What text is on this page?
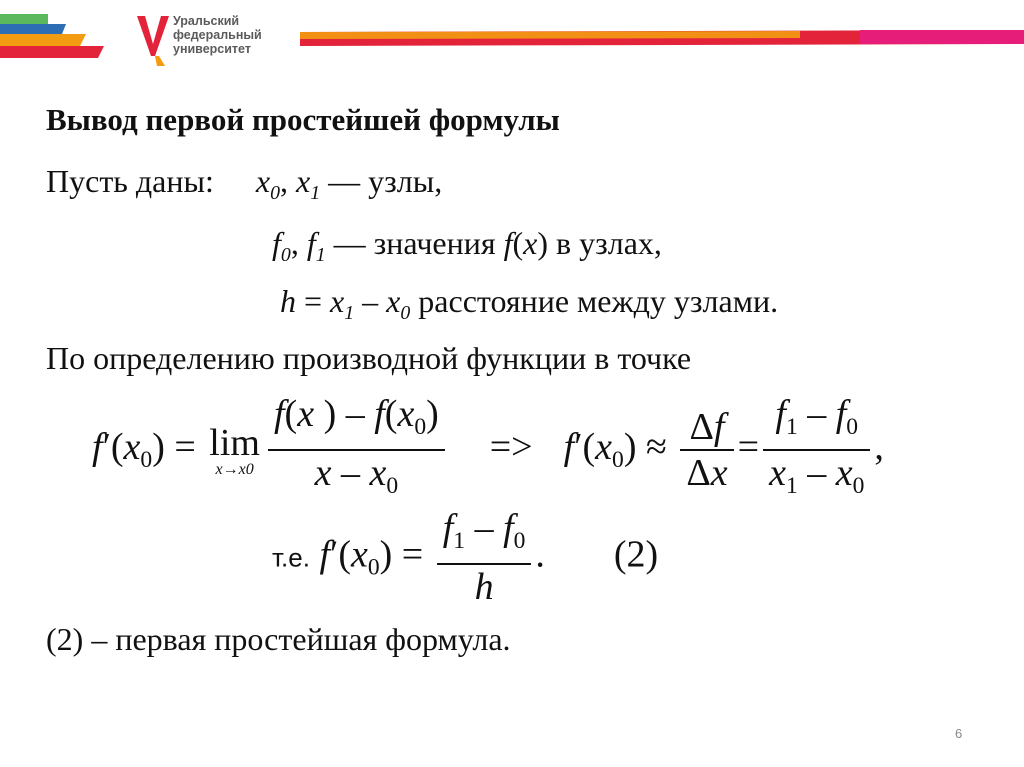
Уральский
федеральный
университет
Вывод первой простейшей формулы
Пусть даны: $x_0$, $x_1$ — узлы,
$f_0$, $f_1$ — значения f(x) в узлах,
$h = x_1 - x_0$ расстояние между узлами.
По определению производной функции в точке
$f'(x_0) = \lim$
$x\to x0 \frac{f(x ) - f(x_0)}{x - x_0} => f'(x_0) \approx \frac{\Delta f}{\Delta x} = \frac{f_1 - f_0}{x_1 - x_0}$ ,
т.е. $f'(x_0) = \frac{f_1 - f_0}{h}$ .  (2)
(2) – первая простейшая формула.
6
